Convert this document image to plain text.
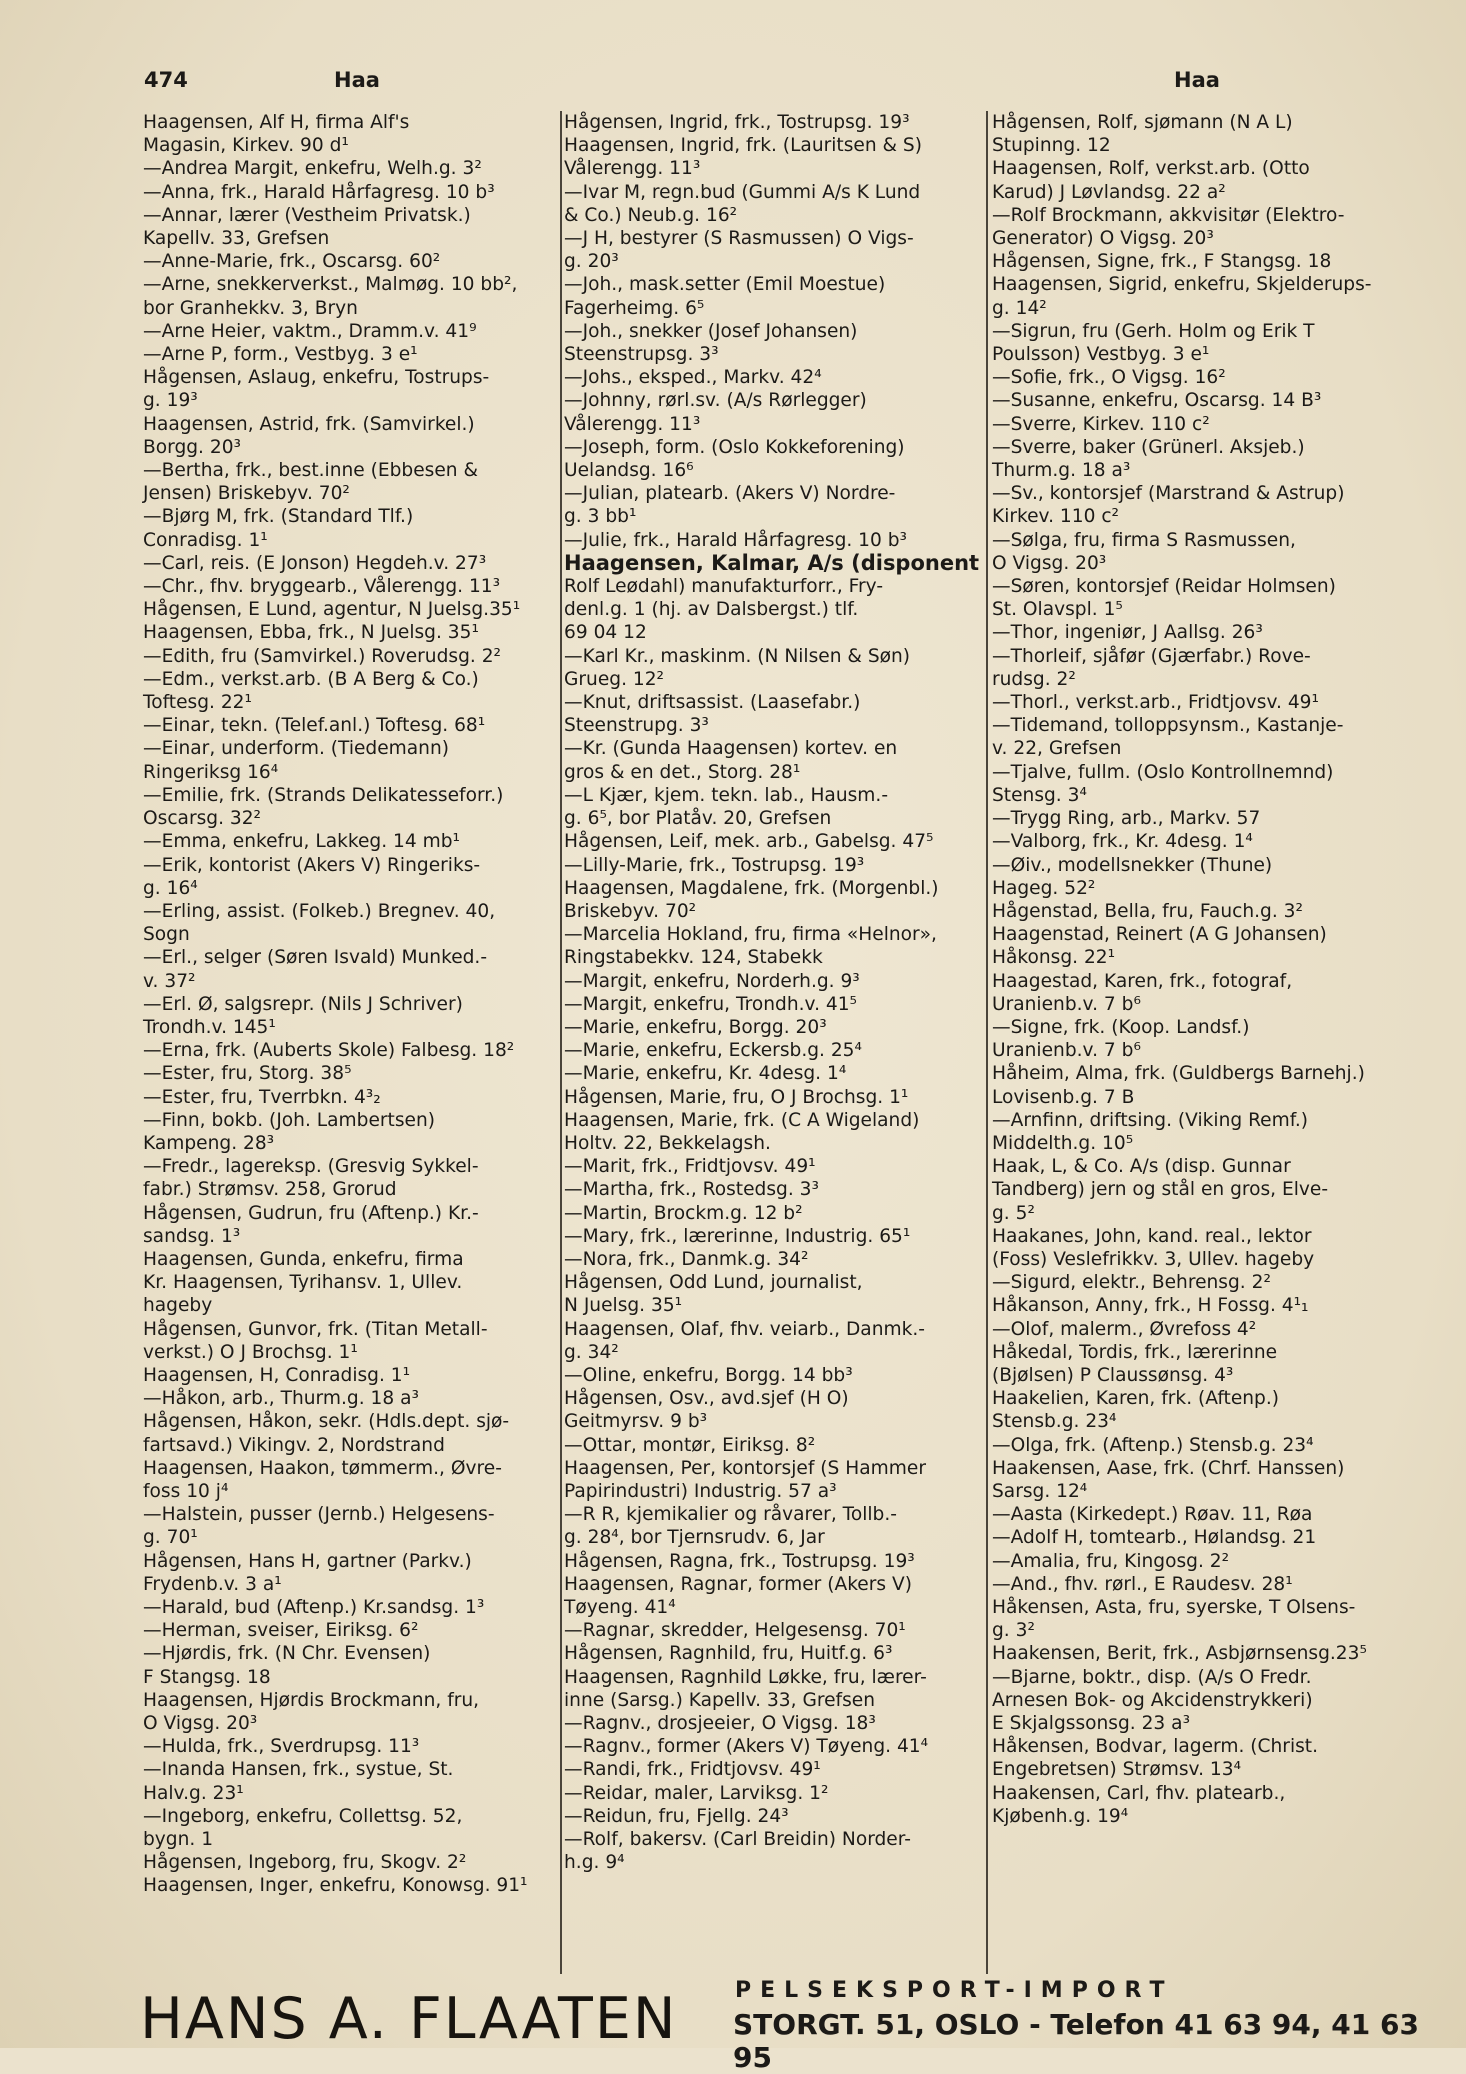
474	Haa	Haa
Haagensen, Alf H, firma Alf's
Magasin, Kirkev. 90 d¹
—Andrea Margit, enkefru, Welh.g. 3²
—Anna, frk., Harald Hårfagresg. 10 b³
—Annar, lærer (Vestheim Privatsk.)
Kapellv. 33, Grefsen
—Anne-Marie, frk., Oscarsg. 60²
—Arne, snekkerverkst., Malmøg. 10 bb²,
bor Granhekkv. 3, Bryn
—Arne Heier, vaktm., Dramm.v. 41⁹
—Arne P, form., Vestbyg. 3 e¹
Hågensen, Aslaug, enkefru, Tostrups-
g. 19³
Haagensen, Astrid, frk. (Samvirkel.)
Borgg. 20³
—Bertha, frk., best.inne (Ebbesen &
Jensen) Briskebyv. 70²
—Bjørg M, frk. (Standard Tlf.)
Conradisg. 1¹
—Carl, reis. (E Jonson) Hegdeh.v. 27³
—Chr., fhv. bryggearb., Vålerengg. 11³
Hågensen, E Lund, agentur, N Juelsg.35¹
Haagensen, Ebba, frk., N Juelsg. 35¹
—Edith, fru (Samvirkel.) Roverudsg. 2²
—Edm., verkst.arb. (B A Berg & Co.)
Toftesg. 22¹
—Einar, tekn. (Telef.anl.) Toftesg. 68¹
—Einar, underform. (Tiedemann)
Ringeriksg 16⁴
—Emilie, frk. (Strands Delikatesseforr.)
Oscarsg. 32²
—Emma, enkefru, Lakkeg. 14 mb¹
—Erik, kontorist (Akers V) Ringeriks-
g. 16⁴
—Erling, assist. (Folkeb.) Bregnev. 40,
Sogn
—Erl., selger (Søren Isvald) Munked.-
v. 37²
—Erl. Ø, salgsrepr. (Nils J Schriver)
Trondh.v. 145¹
—Erna, frk. (Auberts Skole) Falbesg. 18²
—Ester, fru, Storg. 38⁵
—Ester, fru, Tverrbkn. 4³₂
—Finn, bokb. (Joh. Lambertsen)
Kampeng. 28³
—Fredr., lagereksp. (Gresvig Sykkel-
fabr.) Strømsv. 258, Grorud
Hågensen, Gudrun, fru (Aftenp.) Kr.-
sandsg. 1³
Haagensen, Gunda, enkefru, firma
Kr. Haagensen, Tyrihansv. 1, Ullev.
hageby
Hågensen, Gunvor, frk. (Titan Metall-
verkst.) O J Brochsg. 1¹
Haagensen, H, Conradisg. 1¹
—Håkon, arb., Thurm.g. 18 a³
Hågensen, Håkon, sekr. (Hdls.dept. sjø-
fartsavd.) Vikingv. 2, Nordstrand
Haagensen, Haakon, tømmerm., Øvre-
foss 10 j⁴
—Halstein, pusser (Jernb.) Helgesens-
g. 70¹
Hågensen, Hans H, gartner (Parkv.)
Frydenb.v. 3 a¹
—Harald, bud (Aftenp.) Kr.sandsg. 1³
—Herman, sveiser, Eiriksg. 6²
—Hjørdis, frk. (N Chr. Evensen)
F Stangsg. 18
Haagensen, Hjørdis Brockmann, fru,
O Vigsg. 20³
—Hulda, frk., Sverdrupsg. 11³
—Inanda Hansen, frk., systue, St.
Halv.g. 23¹
—Ingeborg, enkefru, Collettsg. 52,
bygn. 1
Hågensen, Ingeborg, fru, Skogv. 2²
Haagensen, Inger, enkefru, Konowsg. 91¹
Hågensen, Ingrid, frk., Tostrupsg. 19³
Haagensen, Ingrid, frk. (Lauritsen & S)
Vålerengg. 11³
—Ivar M, regn.bud (Gummi A/s K Lund
& Co.) Neub.g. 16²
—J H, bestyrer (S Rasmussen) O Vigs-
g. 20³
—Joh., mask.setter (Emil Moestue)
Fagerheimg. 6⁵
—Joh., snekker (Josef Johansen)
Steenstrupsg. 3³
—Johs., eksped., Markv. 42⁴
—Johnny, rørl.sv. (A/s Rørlegger)
Vålerengg. 11³
—Joseph, form. (Oslo Kokkeforening)
Uelandsg. 16⁶
—Julian, platearb. (Akers V) Nordre-
g. 3 bb¹
—Julie, frk., Harald Hårfagresg. 10 b³
Haagensen, Kalmar, A/s (disponent
Rolf Leødahl) manufakturforr., Fry-
denl.g. 1 (hj. av Dalsbergst.) tlf.
69 04 12
—Karl Kr., maskinm. (N Nilsen & Søn)
Grueg. 12²
—Knut, driftsassist. (Laasefabr.)
Steenstrupg. 3³
—Kr. (Gunda Haagensen) kortev. en
gros & en det., Storg. 28¹
—L Kjær, kjem. tekn. lab., Hausm.-
g. 6⁵, bor Platåv. 20, Grefsen
Hågensen, Leif, mek. arb., Gabelsg. 47⁵
—Lilly-Marie, frk., Tostrupsg. 19³
Haagensen, Magdalene, frk. (Morgenbl.)
Briskebyv. 70²
—Marcelia Hokland, fru, firma «Helnor»,
Ringstabekkv. 124, Stabekk
—Margit, enkefru, Norderh.g. 9³
—Margit, enkefru, Trondh.v. 41⁵
—Marie, enkefru, Borgg. 20³
—Marie, enkefru, Eckersb.g. 25⁴
—Marie, enkefru, Kr. 4desg. 1⁴
Hågensen, Marie, fru, O J Brochsg. 1¹
Haagensen, Marie, frk. (C A Wigeland)
Holtv. 22, Bekkelagsh.
—Marit, frk., Fridtjovsv. 49¹
—Martha, frk., Rostedsg. 3³
—Martin, Brockm.g. 12 b²
—Mary, frk., lærerinne, Industrig. 65¹
—Nora, frk., Danmk.g. 34²
Hågensen, Odd Lund, journalist,
N Juelsg. 35¹
Haagensen, Olaf, fhv. veiarb., Danmk.-
g. 34²
—Oline, enkefru, Borgg. 14 bb³
Hågensen, Osv., avd.sjef (H O)
Geitmyrsv. 9 b³
—Ottar, montør, Eiriksg. 8²
Haagensen, Per, kontorsjef (S Hammer
Papirindustri) Industrig. 57 a³
—R R, kjemikalier og råvarer, Tollb.-
g. 28⁴, bor Tjernsrudv. 6, Jar
Hågensen, Ragna, frk., Tostrupsg. 19³
Haagensen, Ragnar, former (Akers V)
Tøyeng. 41⁴
—Ragnar, skredder, Helgesensg. 70¹
Hågensen, Ragnhild, fru, Huitf.g. 6³
Haagensen, Ragnhild Løkke, fru, lærer-
inne (Sarsg.) Kapellv. 33, Grefsen
—Ragnv., drosjeeier, O Vigsg. 18³
—Ragnv., former (Akers V) Tøyeng. 41⁴
—Randi, frk., Fridtjovsv. 49¹
—Reidar, maler, Larviksg. 1²
—Reidun, fru, Fjellg. 24³
—Rolf, bakersv. (Carl Breidin) Norder-
h.g. 9⁴
Hågensen, Rolf, sjømann (N A L)
Stupinng. 12
Haagensen, Rolf, verkst.arb. (Otto
Karud) J Løvlandsg. 22 a²
—Rolf Brockmann, akkvisitør (Elektro-
Generator) O Vigsg. 20³
Hågensen, Signe, frk., F Stangsg. 18
Haagensen, Sigrid, enkefru, Skjelderups-
g. 14²
—Sigrun, fru (Gerh. Holm og Erik T
Poulsson) Vestbyg. 3 e¹
—Sofie, frk., O Vigsg. 16²
—Susanne, enkefru, Oscarsg. 14 B³
—Sverre, Kirkev. 110 c²
—Sverre, baker (Grünerl. Aksjeb.)
Thurm.g. 18 a³
—Sv., kontorsjef (Marstrand & Astrup)
Kirkev. 110 c²
—Sølga, fru, firma S Rasmussen,
O Vigsg. 20³
—Søren, kontorsjef (Reidar Holmsen)
St. Olavspl. 1⁵
—Thor, ingeniør, J Aallsg. 26³
—Thorleif, sjåfør (Gjærfabr.) Rove-
rudsg. 2²
—Thorl., verkst.arb., Fridtjovsv. 49¹
—Tidemand, tolloppsynsm., Kastanje-
v. 22, Grefsen
—Tjalve, fullm. (Oslo Kontrollnemnd)
Stensg. 3⁴
—Trygg Ring, arb., Markv. 57
—Valborg, frk., Kr. 4desg. 1⁴
—Øiv., modellsnekker (Thune)
Hageg. 52²
Hågenstad, Bella, fru, Fauch.g. 3²
Haagenstad, Reinert (A G Johansen)
Håkonsg. 22¹
Haagestad, Karen, frk., fotograf,
Uranienb.v. 7 b⁶
—Signe, frk. (Koop. Landsf.)
Uranienb.v. 7 b⁶
Håheim, Alma, frk. (Guldbergs Barnehj.)
Lovisenb.g. 7 B
—Arnfinn, driftsing. (Viking Remf.)
Middelth.g. 10⁵
Haak, L, & Co. A/s (disp. Gunnar
Tandberg) jern og stål en gros, Elve-
g. 5²
Haakanes, John, kand. real., lektor
(Foss) Veslefrikkv. 3, Ullev. hageby
—Sigurd, elektr., Behrensg. 2²
Håkanson, Anny, frk., H Fossg. 4¹₁
—Olof, malerm., Øvrefoss 4²
Håkedal, Tordis, frk., lærerinne
(Bjølsen) P Claussønsg. 4³
Haakelien, Karen, frk. (Aftenp.)
Stensb.g. 23⁴
—Olga, frk. (Aftenp.) Stensb.g. 23⁴
Haakensen, Aase, frk. (Chrf. Hanssen)
Sarsg. 12⁴
—Aasta (Kirkedept.) Røav. 11, Røa
—Adolf H, tomtearb., Hølandsg. 21
—Amalia, fru, Kingosg. 2²
—And., fhv. rørl., E Raudesv. 28¹
Håkensen, Asta, fru, syerske, T Olsens-
g. 3²
Haakensen, Berit, frk., Asbjørnsensg.23⁵
—Bjarne, boktr., disp. (A/s O Fredr.
Arnesen Bok- og Akcidenstrykkeri)
E Skjalgssonsg. 23 a³
Håkensen, Bodvar, lagerm. (Christ.
Engebretsen) Strømsv. 13⁴
Haakensen, Carl, fhv. platearb.,
Kjøbenh.g. 19⁴
HANS A. FLAATEN	PELSEKSPORT-IMPORT
STORGT. 51, OSLO - Telefon 41 63 94, 41 63 95
